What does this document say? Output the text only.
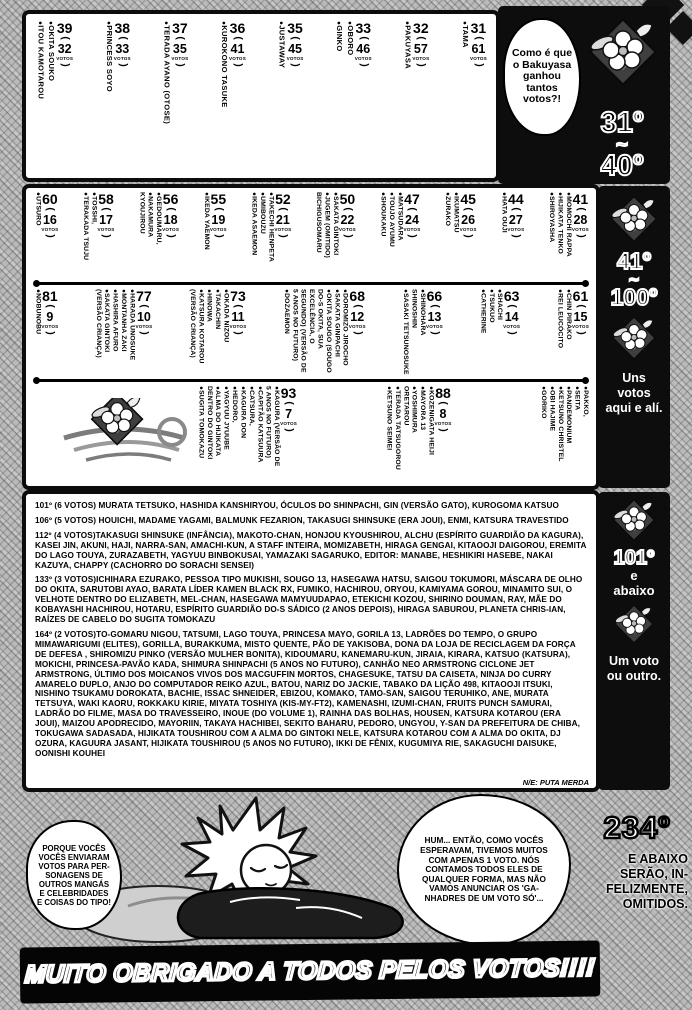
Como é que o Bakuyasa ganhou tantos votos?!
31º
~
40º
31
(
61
VOTOS
)
●TAMA
32
(
57
VOTOS
)
●PAKUYASA
33
(
46
VOTOS
)
●OBORO
●GINKO
35
(
45
VOTOS
)
●JUSTAWAY
36
(
41
VOTOS
)
●KUROKONO TASUKE
37
(
35
VOTOS
)
●TERADA AYANO (OTOSE)
38
(
33
VOTOS
)
●PRINCESS SOYO
39
(
32
VOTOS
)
●OKITA SOUKO
●ITOU KAMOTAROU
41º
~
100º
Uns votos aqui e alí.
41
(
28
VOTOS
)
●MOMOCHI RAPPA
●HIJIKATA TENKO
●SHIROYASHA
44
(
27
VOTOS
)
●HATA OUJI
45
(
26
VOTOS
)
●IKUMATSU
●ZURAKO
47
(
24
VOTOS
)
●MATSUDARA
●TOUJO AYUMU
●SHOUKAKU
50
(
22
VOTOS
)
●SAKATA GINTOKI
●JUGEM (OMITIDO) BICHIGUSOMARU
52
(
21
VOTOS
)
●TAKECHI HENPETA
●UMIBOUZU
●IKEDA ASAEMON
55
(
19
VOTOS
)
●IKEDA YAEMON
56
(
18
VOTOS
)
●GEDOUMARU,
●NAKAMURA KYOUJIROU
58
(
17
VOTOS
)
●TOSSHI,
●TERAKADA TSUJU
60
(
16
VOTOS
)
●UTSURO
61
(
15
VOTOS
)
●CHIN PIRAKO
●REI LEUCÓCITO
63
(
14
VOTOS
)
●SHACHI
●TSUKUO
●CATHERINE
66
(
13
VOTOS
)
●SHINOHARA SHINOSHIN
●SASAKI TETSUNOSUKE
68
(
12
VOTOS
)
●DOROMIZO JIROCHO
●SAKATA GINPACHI
●OKITA SOUGO (SOUGO DO-S OKITA, SUA EXCELÊNCIA, O SEGUNDO) (VERSÃO DE 5 ANOS NO FUTURO)
●DOZAEMON
73
(
11
VOTOS
)
●OKADA NIZOU
●TAKACHIN
●HINOWA
●KATSURA KOTAROU (VERSÃO CRIANÇA)
77
(
10
VOTOS
)
●HARADA UNOSUKE
●MONTANHA ZAKI
●HASHIRA AFURO
●SAKATA GINTOKI (VERSÃO CRIANÇA)
81
(
9
VOTOS
)
●NOBUNOBU
●PAKKO,
●SEITA
●PANDEMONIUM
●KETSUNO CHRISTEL
●OBI HAJIME
●GORIKO
88
(
8
VOTOS
)
●KOZENIGATA HEIJI
●MAYORA 13
●YOSHIMURA ORETAROU
●TERADA TATSUGOROU
●KETSUNO SEIMEI
93
(
7
VOTOS
)
●KAGURA (VERSÃO DE 5 ANOS NO FUTURO)
●CAPITÃO KATSUURA
●CATSURA,
●KAGURA DON
●HEDORO,
●YAGYUU JYUUBE
●ALMA DO HIJIKATA DENTRO DO GINTOKI
●SUGITA TOMOKAZU
101º
e
abaixo
Um voto ou outro.

101º (6 VOTOS) MURATA TETSUKO, HASHIDA KANSHIRYOU, ÓCULOS DO SHINPACHI, GIN (VERSÃO GATO), KUROGOMA KATSUO

106º (5 VOTOS) HOUICHI, MADAME YAGAMI, BALMUNK FEZARION, TAKASUGI SHINSUKE (ERA JOUI), ENMI, KATSURA TRAVESTIDO

112º (4 VOTOS)TAKASUGI SHINSUKE (INFÂNCIA), MAKOTO-CHAN, HONJOU KYOUSHIROU, ALCHU (ESPÍRITO GUARDIÃO DA KAGURA), KASEI JIN, AKUNI, HAJI, NARRA-SAN, AMACHI-KUN, A STAFF INTEIRA, MOMIZABETH, HIRAGA GENGAI, KITAOOJI DAIGOROU, EREMITA DO LAGO TOUYA, ZURAZABETH, YAGYUU BINBOKUSAI, YAMAZAKI SAGARUKO, EDITOR: MANABE, HESHIKIRI HASEBE, NAKAI KAZUYA, CHAPPY (CACHORRO DO SORACHI SENSEI)

133º (3 VOTOS)ICHIHARA EZURAKO, PESSOA TIPO MUKISHI, SOUGO 13, HASEGAWA HATSU, SAIGOU TOKUMORI, MÁSCARA DE OLHO DO OKITA, SARUTOBI AYAO, BARATA LÍDER KAMEN BLACK RX, FUMIKO, HACHIROU, ORYOU, KAMIYAMA GOROU, MINAMITO SUI, O VELHOTE DENTRO DO ELIZABETH, MEL-CHAN, HASEGAWA MAMYUUDAPAO, ETEKICHI KOZOU, SHIRINO DOUMAN, RAY, MÃE DO KOBAYASHI HACHIROU, HOTARU, ESPÍRITO GUARDIÃO DO-S SÁDICO (2 ANOS DEPOIS), HIRAGA SABUROU, PLANETA CHRIS-IAN, RAÍZES DE CABELO DO SUGITA TOMOKAZU

164º (2 VOTOS)TO-GOMARU NIGOU, TATSUMI, LAGO TOUYA, PRINCESA MAYO, GORILA 13, LADRÕES DO TEMPO, O GRUPO MIMAWARIGUMI (ELITES), GORILLA, BURAKKUMA, MISTO QUENTE, PÃO DE YAKISOBA, DONA DA LOJA DE RECICLAGEM DA FORÇA DE DEFESA , SHIROMIZU PINKO (VERSÃO MULHER BONITA), KIDOUMARU, KANEMARU-KUN, JIRAIA, KIRARA, KATSUO (KATSURA), MOKICHI, PRINCESA-PAVÃO KADA, SHIMURA SHINPACHI (5 ANOS NO FUTURO), CANHÃO NEO ARMSTRONG CICLONE JET ARMSTRONG, ÚLTIMO DOS MOICANOS VIVOS DOS MACGUFFIN MORTOS, CHAGESUKE, TATSU DA CAISETA, NINJA DO CURRY AMARELO DUPLO, ANJO DO COMPUTADOR REIKO AZUL, BATOU, NARIZ DO JACKIE, TABAKO DA LIÇÃO 498, KITAOOJI ITSUKI, NISHINO TSUKAMU DOROKATA, BACHIE, ISSAC SHNEIDER, EBIZOU, KOMAKO, TAMO-SAN, SAIGOU TERUHIKO, ANE, MURATA TETSUYA, WAKI KAORU, ROKKAKU KIRIE, MIYATA TOSHIYA (KIS-MY-FT2), KAMENASHI, IZUMI-CHAN, FRUITS PUNCH SAMURAI, LADRÃO DO FILME, MASA DO TRAVESSEIRO, INOUE (DO VOLUME 1), RAINHA DAS BOLHAS, HOUSEN, KATSURA KOTAROU (ERA JOUI), MAIZOU APODRECIDO, MAYORIIN, TAKAYA HACHIBEI, SEKITO BAHARU, PEDORO, UNGYOU, Y-SAN DA PREFEITURA DE CHIBA, TOKUGAWA SADASADA, HIJIKATA TOUSHIROU COM A ALMA DO GINTOKI NELE, KATSURA KOTAROU COM A ALMA DO OKITA, DJ OZURA, KAGUURA JASANT, HIJIKATA TOUSHIROU (5 ANOS NO FUTURO), IKKI DE FÊNIX, KUGUMIYA RIE, SAKAGUCHI DAISUKE, OONISHI KOUHEI

N/E: PUTA MERDA
PORQUE VOCÊS VOCÊS ENVIARAM VOTOS PARA PER-SONAGENS DE OUTROS MANGÁS E CELEBRIDADES E COISAS DO TIPO!
HUM... ENTÃO, COMO VOCÊS ESPERAVAM, TIVEMOS MUITOS COM APENAS 1 VOTO. NÓS CONTAMOS TODOS ELES DE QUALQUER FORMA, MAS NÃO VAMOS ANUNCIAR OS 'GA-NHADRES DE UM VOTO SÓ'...
234º
E ABAIXO SERÃO, IN-FELIZMENTE, OMITIDOS.
MUITO OBRIGADO A TODOS PELOS VOTOS!!!!
